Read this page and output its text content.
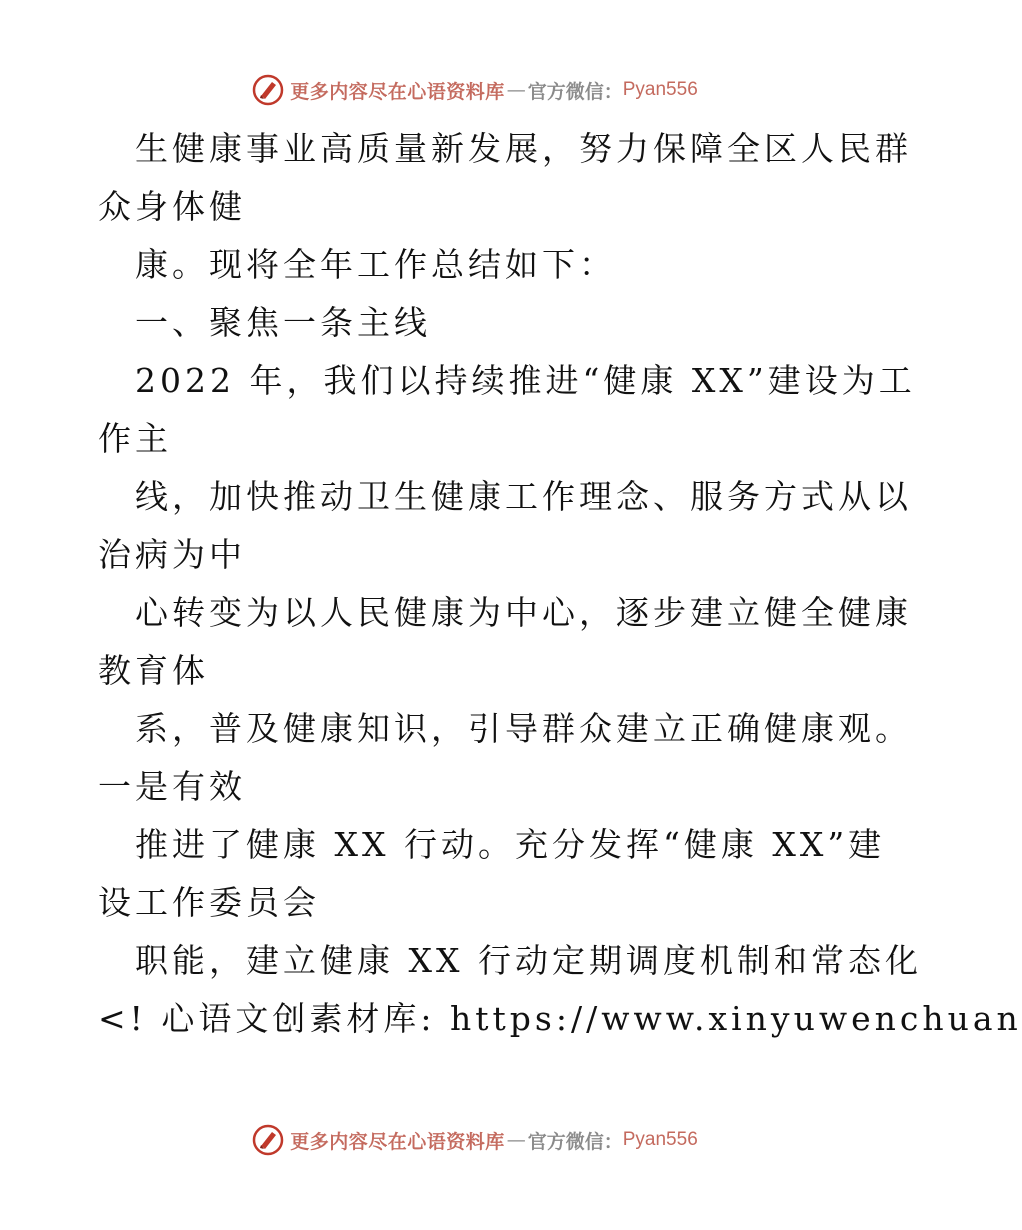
更多内容尽在心语资料库 — 官方微信： Pyan556
生健康事业高质量新发展，努力保障全区人民群
众身体健
康。现将全年工作总结如下：
一、聚焦一条主线
2022 年，我们以持续推进“健康 XX”建设为工
作主
线，加快推动卫生健康工作理念、服务方式从以
治病为中
心转变为以人民健康为中心，逐步建立健全健康
教育体
系，普及健康知识，引导群众建立正确健康观。
一是有效
推进了健康 XX 行动。充分发挥“健康 XX”建
设工作委员会
职能，建立健康 XX 行动定期调度机制和常态化
<! 心语文创素材库: https://www.xinyuwenchuan
更多内容尽在心语资料库 — 官方微信： Pyan556
